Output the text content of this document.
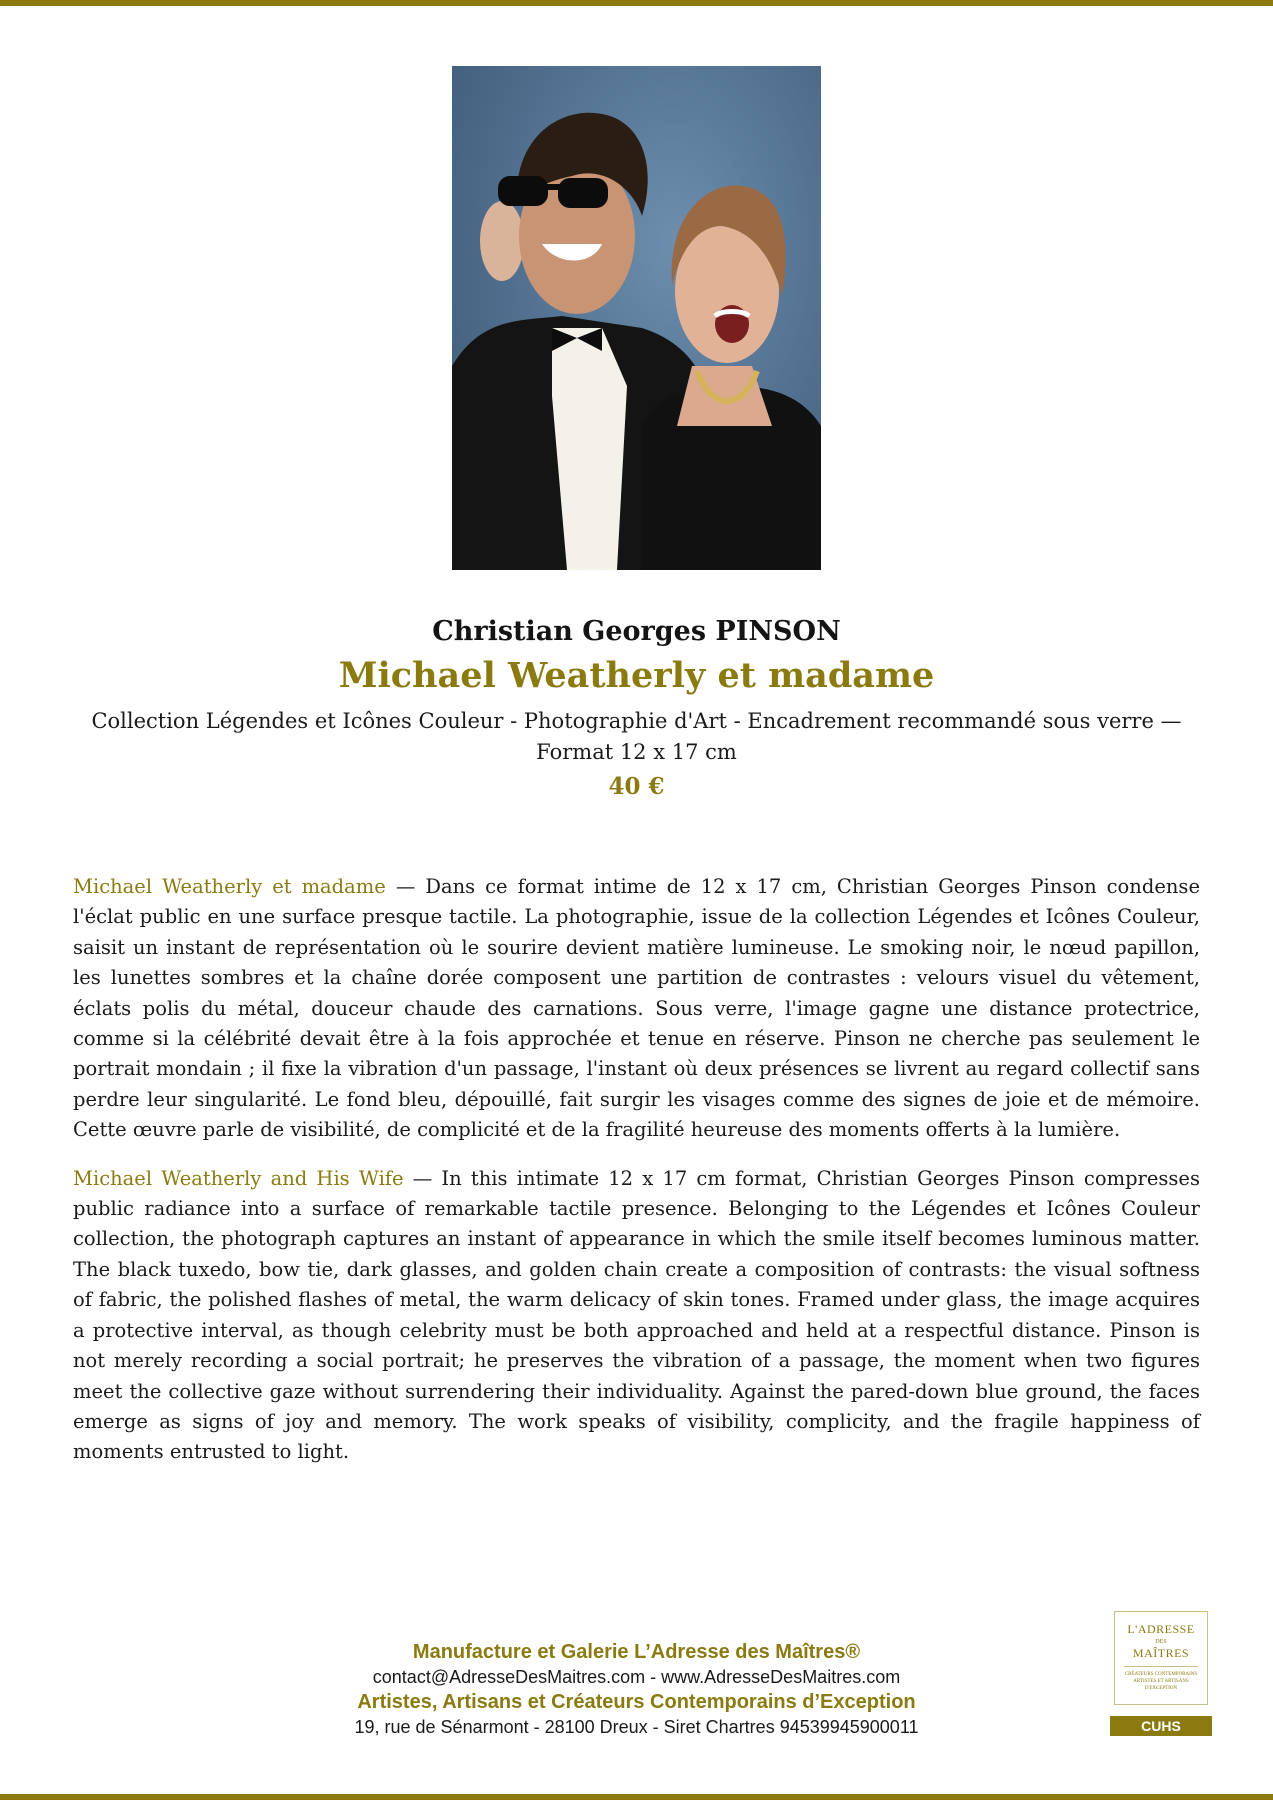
Christian Georges PINSON
Michael Weatherly et madame
Collection Légendes et Icônes Couleur - Photographie d'Art - Encadrement recommandé sous verre — Format 12 x 17 cm
40 €

Michael Weatherly et madame — Dans ce format intime de 12 x 17 cm, Christian Georges Pinson condense l'éclat public en une surface presque tactile. La photographie, issue de la collection Légendes et Icônes Couleur, saisit un instant de représentation où le sourire devient matière lumineuse. Le smoking noir, le nœud papillon, les lunettes sombres et la chaîne dorée composent une partition de contrastes : velours visuel du vêtement, éclats polis du métal, douceur chaude des carnations. Sous verre, l'image gagne une distance protectrice, comme si la célébrité devait être à la fois approchée et tenue en réserve. Pinson ne cherche pas seulement le portrait mondain ; il fixe la vibration d'un passage, l'instant où deux présences se livrent au regard collectif sans perdre leur singularité. Le fond bleu, dépouillé, fait surgir les visages comme des signes de joie et de mémoire. Cette œuvre parle de visibilité, de complicité et de la fragilité heureuse des moments offerts à la lumière.

Michael Weatherly and His Wife — In this intimate 12 x 17 cm format, Christian Georges Pinson compresses public radiance into a surface of remarkable tactile presence. Belonging to the Légendes et Icônes Couleur collection, the photograph captures an instant of appearance in which the smile itself becomes luminous matter. The black tuxedo, bow tie, dark glasses, and golden chain create a composition of contrasts: the visual softness of fabric, the polished flashes of metal, the warm delicacy of skin tones. Framed under glass, the image acquires a protective interval, as though celebrity must be both approached and held at a respectful distance. Pinson is not merely recording a social portrait; he preserves the vibration of a passage, the moment when two figures meet the collective gaze without surrendering their individuality. Against the pared-down blue ground, the faces emerge as signs of joy and memory. The work speaks of visibility, complicity, and the fragile happiness of moments entrusted to light.

Manufacture et Galerie L’Adresse des Maîtres®
contact@AdresseDesMaitres.com - www.AdresseDesMaitres.com
Artistes, Artisans et Créateurs Contemporains d’Exception
19, rue de Sénarmont - 28100 Dreux - Siret Chartres 94539945900011
L'ADRESSE
DES
MAÎTRES
CRÉATEURS CONTEMPORAINS ARTISTES ET ARTISANS D'EXCEPTION
CUHS
